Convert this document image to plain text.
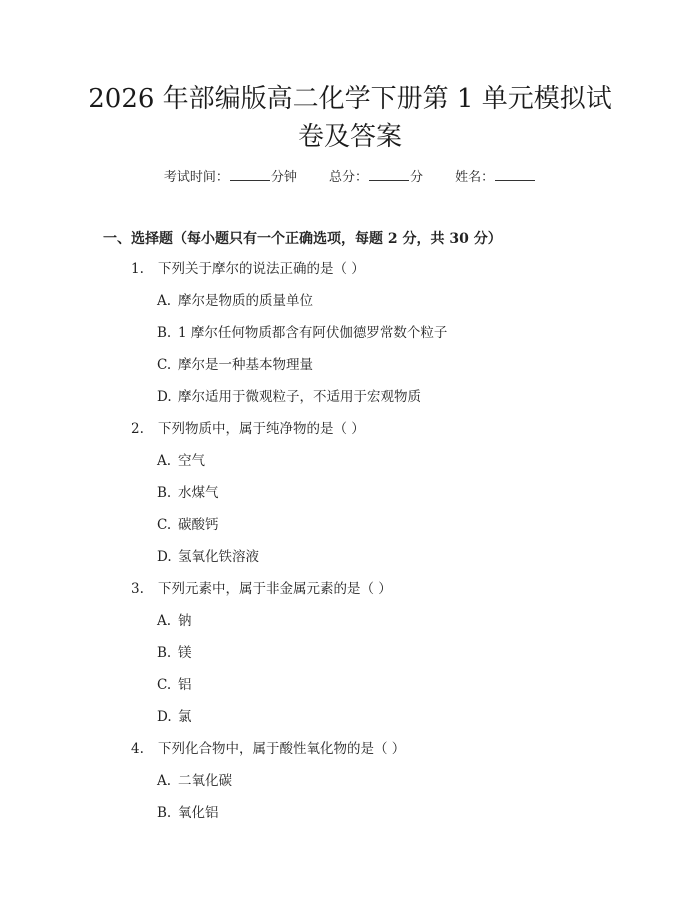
2026 年部编版高二化学下册第 1 单元模拟试
卷及答案
考试时间：	分钟 总分：	分 姓名：
一、选择题（每小题只有一个正确选项，每题 2 分，共 30 分）
1. 下列关于摩尔的说法正确的是（ ）
A. 摩尔是物质的质量单位
B. 1 摩尔任何物质都含有阿伏伽德罗常数个粒子
C. 摩尔是一种基本物理量
D. 摩尔适用于微观粒子，不适用于宏观物质
2. 下列物质中，属于纯净物的是（ ）
A. 空气
B. 水煤气
C. 碳酸钙
D. 氢氧化铁溶液
3. 下列元素中，属于非金属元素的是（ ）
A. 钠
B. 镁
C. 铝
D. 氯
4. 下列化合物中，属于酸性氧化物的是（ ）
A. 二氧化碳
B. 氧化铝
